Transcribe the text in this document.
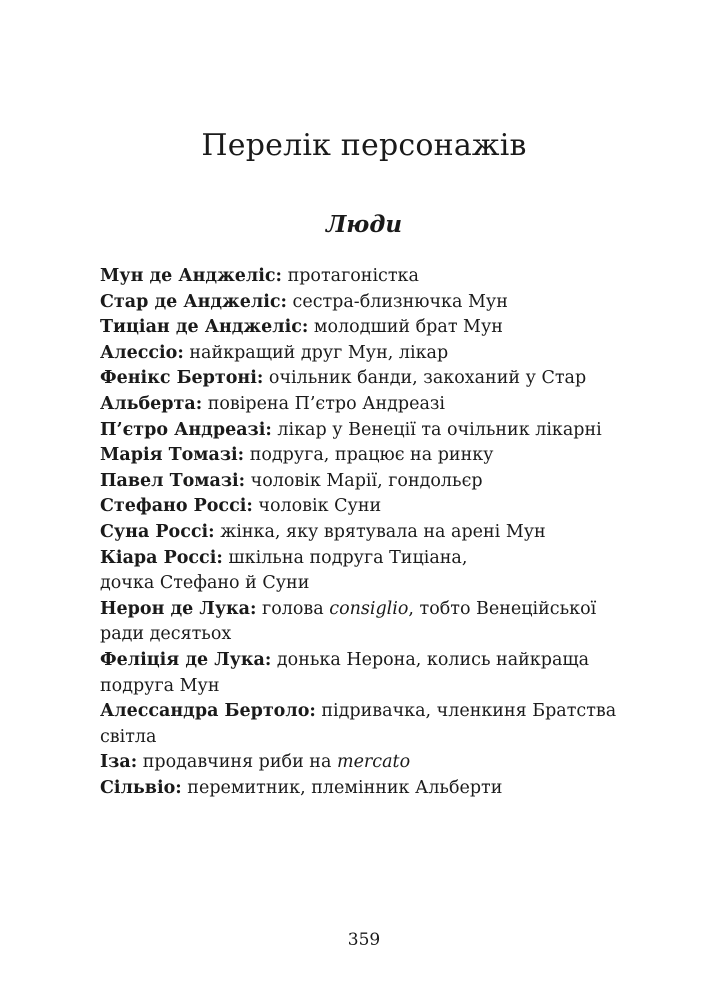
Перелік персонажів
Люди
Мун де Анджеліс: протагоністка
Стар де Анджеліс: сестра-близнючка Мун
Тиціан де Анджеліс: молодший брат Мун
Алессіо: найкращий друг Мун, лікар
Фенікс Бертоні: очільник банди, закоханий у Стар
Альберта: повірена П’єтро Андреазі
П’єтро Андреазі: лікар у Венеції та очільник лікарні
Марія Томазі: подруга, працює на ринку
Павел Томазі: чоловік Марії, гондольєр
Стефано Россі: чоловік Суни
Суна Россі: жінка, яку врятувала на арені Мун
Кіара Россі: шкільна подруга Тиціана,
дочка Стефано й Суни
Нерон де Лука: голова consiglio, тобто Венеційської
ради десятьох
Феліція де Лука: донька Нерона, колись найкраща
подруга Мун
Алессандра Бертоло: підривачка, членкиня Братства
світла
Іза: продавчиня риби на mercato
Сільвіо: перемитник, племінник Альберти
359
